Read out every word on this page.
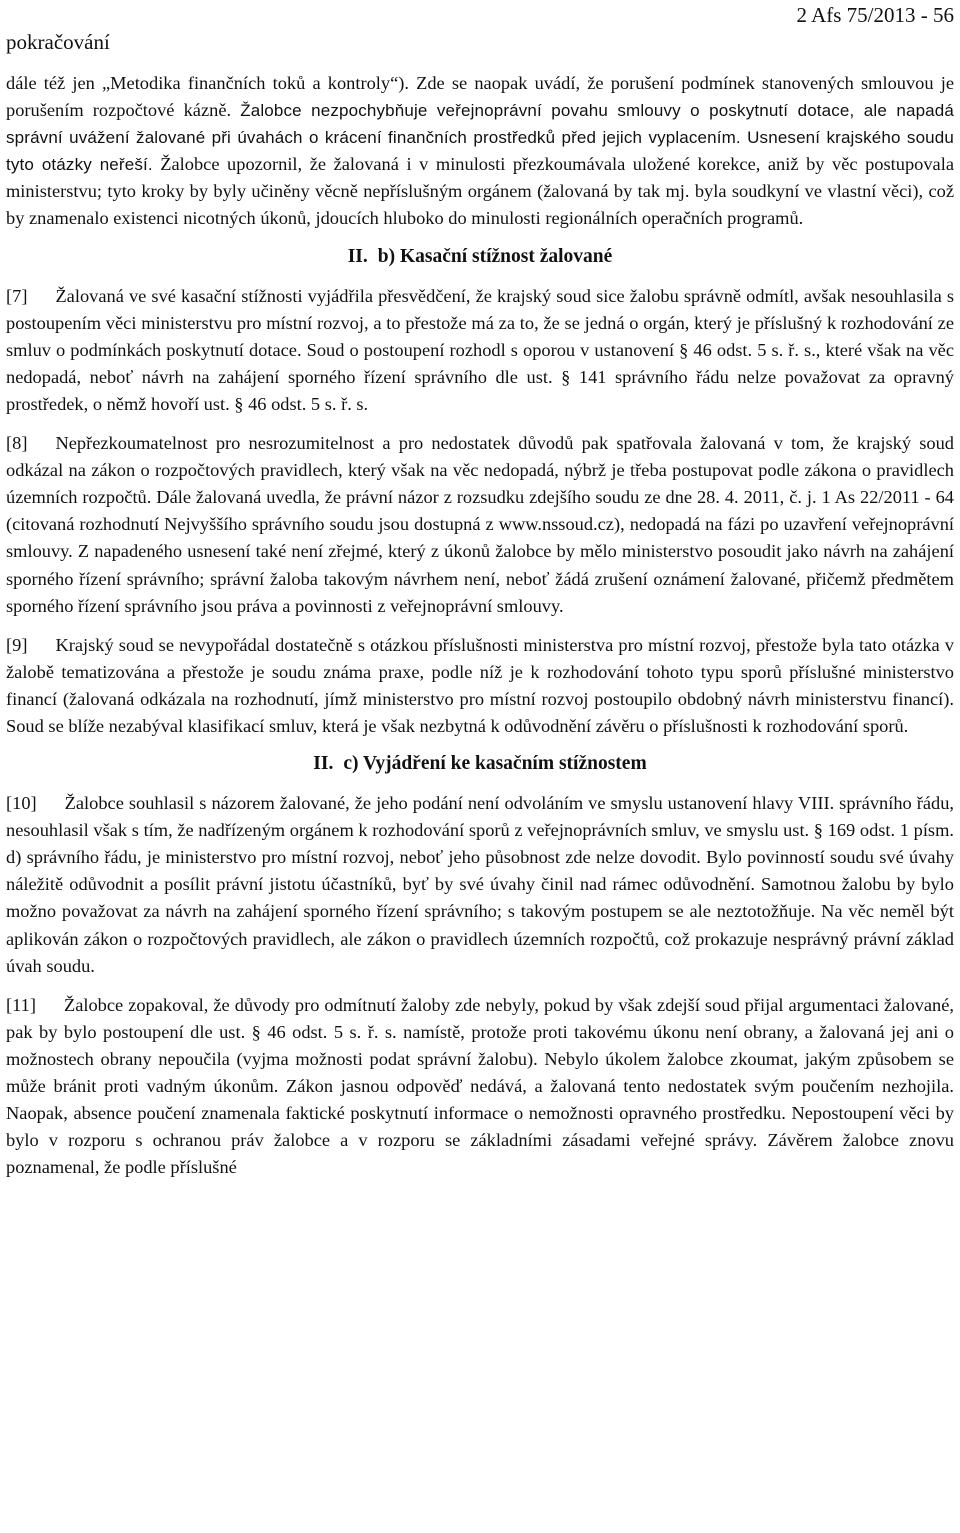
pokračování
2 Afs 75/2013 - 56

dále též jen „Metodika finančních toků a kontroly“). Zde se naopak uvádí, že porušení podmínek stanovených smlouvou je porušením rozpočtové kázně. Žalobce nezpochybňuje veřejnoprávní povahu smlouvy o poskytnutí dotace, ale napadá správní uvážení žalované při úvahách o krácení finančních prostředků před jejich vyplacením. Usnesení krajského soudu tyto otázky neřeší. Žalobce upozornil, že žalovaná i v minulosti přezkoumávala uložené korekce, aniž by věc postupovala ministerstvu; tyto kroky by byly učiněny věcně nepříslušným orgánem (žalovaná by tak mj. byla soudkyní ve vlastní věci), což by znamenalo existenci nicotných úkonů, jdoucích hluboko do minulosti regionálních operačních programů.

II. b) Kasační stížnost žalované

[7] Žalovaná ve své kasační stížnosti vyjádřila přesvědčení, že krajský soud sice žalobu správně odmítl, avšak nesouhlasila s postoupením věci ministerstvu pro místní rozvoj, a to přestože má za to, že se jedná o orgán, který je příslušný k rozhodování ze smluv o podmínkách poskytnutí dotace. Soud o postoupení rozhodl s oporou v ustanovení § 46 odst. 5 s. ř. s., které však na věc nedopadá, neboť návrh na zahájení sporného řízení správního dle ust. § 141 správního řádu nelze považovat za opravný prostředek, o němž hovoří ust. § 46 odst. 5 s. ř. s.

[8] Nepřezkoumatelnost pro nesrozumitelnost a pro nedostatek důvodů pak spatřovala žalovaná v tom, že krajský soud odkázal na zákon o rozpočtových pravidlech, který však na věc nedopadá, nýbrž je třeba postupovat podle zákona o pravidlech územních rozpočtů. Dále žalovaná uvedla, že právní názor z rozsudku zdejšího soudu ze dne 28. 4. 2011, č. j. 1 As 22/2011 - 64 (citovaná rozhodnutí Nejvyššího správního soudu jsou dostupná z www.nssoud.cz), nedopadá na fázi po uzavření veřejnoprávní smlouvy. Z napadeného usnesení také není zřejmé, který z úkonů žalobce by mělo ministerstvo posoudit jako návrh na zahájení sporného řízení správního; správní žaloba takovým návrhem není, neboť žádá zrušení oznámení žalované, přičemž předmětem sporného řízení správního jsou práva a povinnosti z veřejnoprávní smlouvy.

[9] Krajský soud se nevypořádal dostatečně s otázkou příslušnosti ministerstva pro místní rozvoj, přestože byla tato otázka v žalobě tematizována a přestože je soudu známa praxe, podle níž je k rozhodování tohoto typu sporů příslušné ministerstvo financí (žalovaná odkázala na rozhodnutí, jímž ministerstvo pro místní rozvoj postoupilo obdobný návrh ministerstvu financí). Soud se blíže nezabýval klasifikací smluv, která je však nezbytná k odůvodnění závěru o příslušnosti k rozhodování sporů.

II. c) Vyjádření ke kasačním stížnostem

[10] Žalobce souhlasil s názorem žalované, že jeho podání není odvoláním ve smyslu ustanovení hlavy VIII. správního řádu, nesouhlasil však s tím, že nadřízeným orgánem k rozhodování sporů z veřejnoprávních smluv, ve smyslu ust. § 169 odst. 1 písm. d) správního řádu, je ministerstvo pro místní rozvoj, neboť jeho působnost zde nelze dovodit. Bylo povinností soudu své úvahy náležitě odůvodnit a posílit právní jistotu účastníků, byť by své úvahy činil nad rámec odůvodnění. Samotnou žalobu by bylo možno považovat za návrh na zahájení sporného řízení správního; s takovým postupem se ale neztotožňuje. Na věc neměl být aplikován zákon o rozpočtových pravidlech, ale zákon o pravidlech územních rozpočtů, což prokazuje nesprávný právní základ úvah soudu.

[11] Žalobce zopakoval, že důvody pro odmítnutí žaloby zde nebyly, pokud by však zdejší soud přijal argumentaci žalované, pak by bylo postoupení dle ust. § 46 odst. 5 s. ř. s. namístě, protože proti takovému úkonu není obrany, a žalovaná jej ani o možnostech obrany nepoučila (vyjma možnosti podat správní žalobu). Nebylo úkolem žalobce zkoumat, jakým způsobem se může bránit proti vadným úkonům. Zákon jasnou odpověď nedává, a žalovaná tento nedostatek svým poučením nezhojila. Naopak, absence poučení znamenala faktické poskytnutí informace o nemožnosti opravného prostředku. Nepostoupení věci by bylo v rozporu s ochranou práv žalobce a v rozporu se základními zásadami veřejné správy. Závěrem žalobce znovu poznamenal, že podle příslušné
